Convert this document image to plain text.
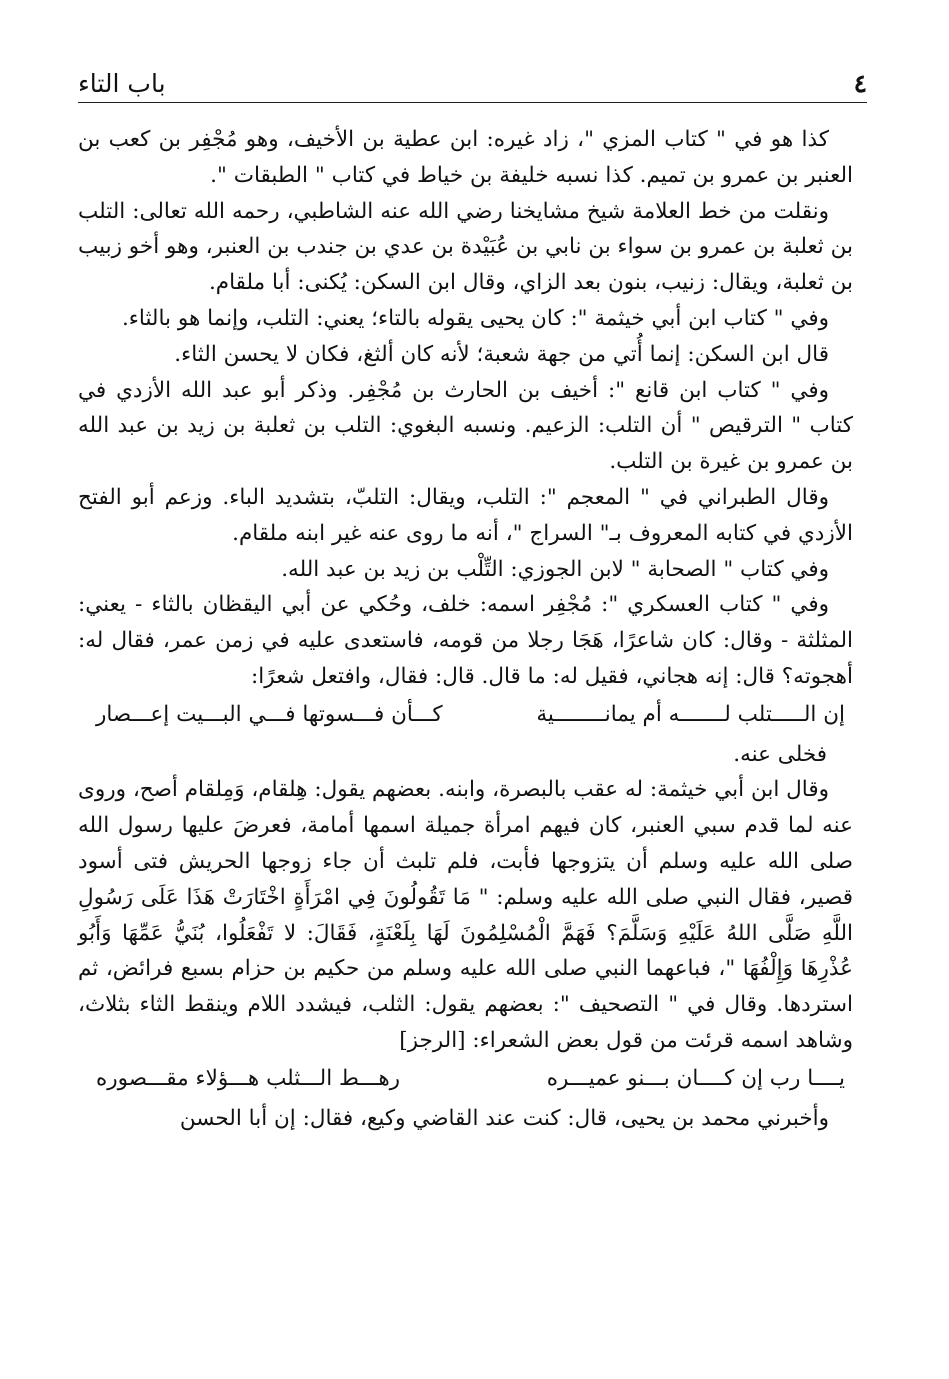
٤
باب التاء

كذا هو في " كتاب المزي "، زاد غيره: ابن عطية بن الأخيف، وهو مُجْفِر بن كعب بن العنبر بن عمرو بن تميم. كذا نسبه خليفة بن خياط في كتاب " الطبقات ".

ونقلت من خط العلامة شيخ مشايخنا رضي الله عنه الشاطبي، رحمه الله تعالى: التلب بن ثعلبة بن عمرو بن سواء بن نابي بن عُبَيْدة بن عدي بن جندب بن العنبر، وهو أخو زبيب بن ثعلبة، ويقال: زنيب، بنون بعد الزاي، وقال ابن السكن: يُكنى: أبا ملقام.

وفي " كتاب ابن أبي خيثمة ": كان يحيى يقوله بالتاء؛ يعني: التلب، وإنما هو بالثاء.

قال ابن السكن: إنما أُتي من جهة شعبة؛ لأنه كان ألثغ، فكان لا يحسن الثاء.

وفي " كتاب ابن قانع ": أخيف بن الحارث بن مُجْفِر. وذكر أبو عبد الله الأزدي في كتاب " الترقيص " أن التلب: الزعيم. ونسبه البغوي: التلب بن ثعلبة بن زيد بن عبد الله بن عمرو بن غيرة بن التلب.

وقال الطبراني في " المعجم ": التلب، ويقال: التلبّ، بتشديد الباء. وزعم أبو الفتح الأزدي في كتابه المعروف بـ" السراج "، أنه ما روى عنه غير ابنه ملقام.

وفي كتاب " الصحابة " لابن الجوزي: التِّلْب بن زيد بن عبد الله.

وفي " كتاب العسكري ": مُجْفِر اسمه: خلف، وحُكي عن أبي اليقظان بالثاء - يعني: المثلثة - وقال: كان شاعرًا، هَجَا رجلا من قومه، فاستعدى عليه في زمن عمر، فقال له: أهجوته؟ قال: إنه هجاني، فقيل له: ما قال. قال: فقال، وافتعل شعرًا:

إن الـــــتلب لـــــــه أم يمانــــــــية
كـــأن فـــسوتها فـــي البـــيت إعـــصار

فخلى عنه.

وقال ابن أبي خيثمة: له عقب بالبصرة، وابنه. بعضهم يقول: هِلقام، وَمِلقام أصح، وروى عنه لما قدم سبي العنبر، كان فيهم امرأة جميلة اسمها أمامة، فعرضَ عليها رسول الله صلى الله عليه وسلم أن يتزوجها فأبت، فلم تلبث أن جاء زوجها الحريش فتى أسود قصير، فقال النبي صلى الله عليه وسلم: " مَا تَقُولُونَ فِي امْرَأَةٍ اخْتَارَتْ هَذَا عَلَى رَسُولِ اللَّهِ صَلَّى اللهُ عَلَيْهِ وَسَلَّمَ؟ فَهَمَّ الْمُسْلِمُونَ لَهَا بِلَعْنَةٍ، فَقَالَ: لا تَفْعَلُوا، بُنَيُّ عَمِّهَا وَأَبُو عُذْرِهَا وَإِلْفُهَا "، فباعهما النبي صلى الله عليه وسلم من حكيم بن حزام بسبع فرائض، ثم استردها. وقال في " التصحيف ": بعضهم يقول: الثلب، فيشدد اللام وينقط الثاء بثلاث، وشاهد اسمه قرئت من قول بعض الشعراء: [الرجز]

يــــا رب إن كــــان بـــنو عميـــره
رهـــط الـــثلب هـــؤلاء مقـــصوره

وأخبرني محمد بن يحيى، قال: كنت عند القاضي وكيع، فقال: إن أبا الحسن
